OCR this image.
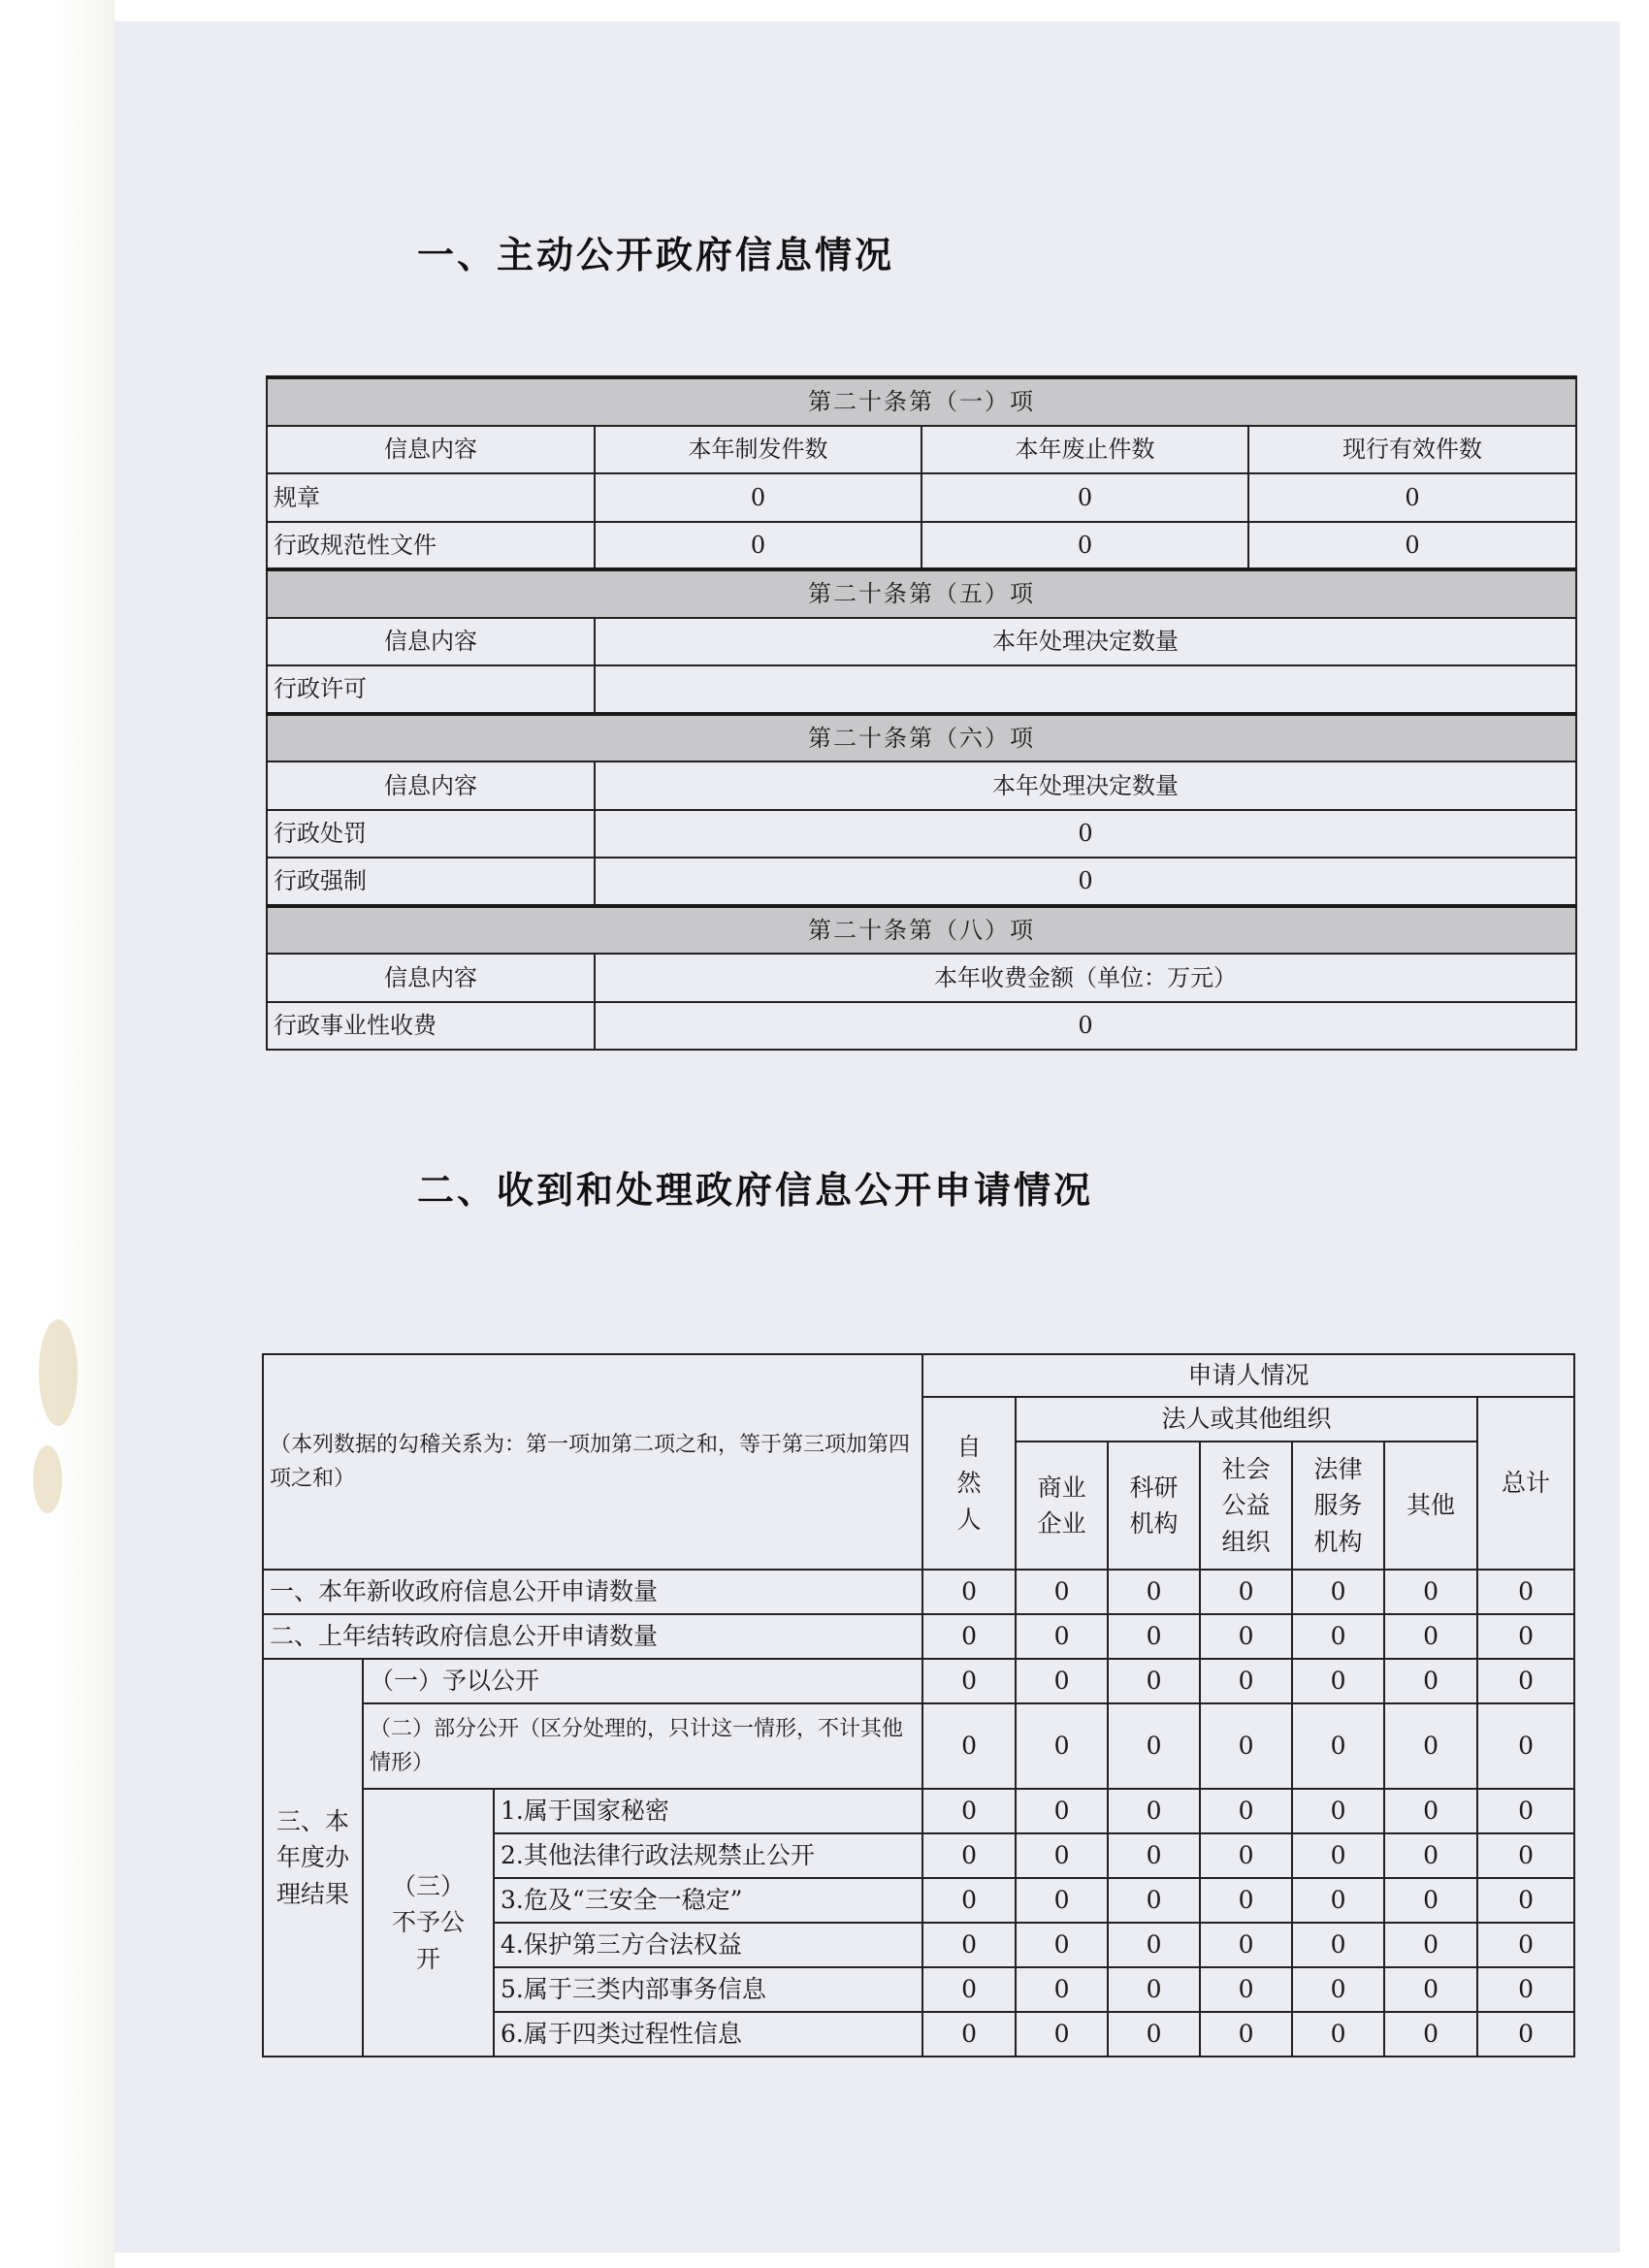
一、主动公开政府信息情况
第二十条第（一）项			
信息内容	本年制发件数	本年废止件数	现行有效件数
规章	0	0	0
行政规范性文件	0	0	0
第二十条第（五）项			
信息内容	本年处理决定数量		
行政许可			
第二十条第（六）项			
信息内容	本年处理决定数量		
行政处罚	0		
行政强制	0		
第二十条第（八）项			
信息内容	本年收费金额（单位：万元）		
行政事业性收费	0		
二、收到和处理政府信息公开申请情况
（本列数据的勾稽关系为：第一项加第二项之和，等于第三项加第四项之和）			申请人情况						
			自然人	法人或其他组织					总计
				商业企业	科研机构	社会公益组织	法律服务机构	其他	
一、本年新收政府信息公开申请数量			0	0	0	0	0	0	0
二、上年结转政府信息公开申请数量			0	0	0	0	0	0	0
三、本年度办理结果	（一）予以公开		0	0	0	0	0	0	0
	（二）部分公开（区分处理的，只计这一情形，不计其他情形）		0	0	0	0	0	0	0
	（三）不予公开	1.属于国家秘密	0	0	0	0	0	0	0
		2.其他法律行政法规禁止公开	0	0	0	0	0	0	0
		3.危及“三安全一稳定”	0	0	0	0	0	0	0
		4.保护第三方合法权益	0	0	0	0	0	0	0
		5.属于三类内部事务信息	0	0	0	0	0	0	0
		6.属于四类过程性信息	0	0	0	0	0	0	0
